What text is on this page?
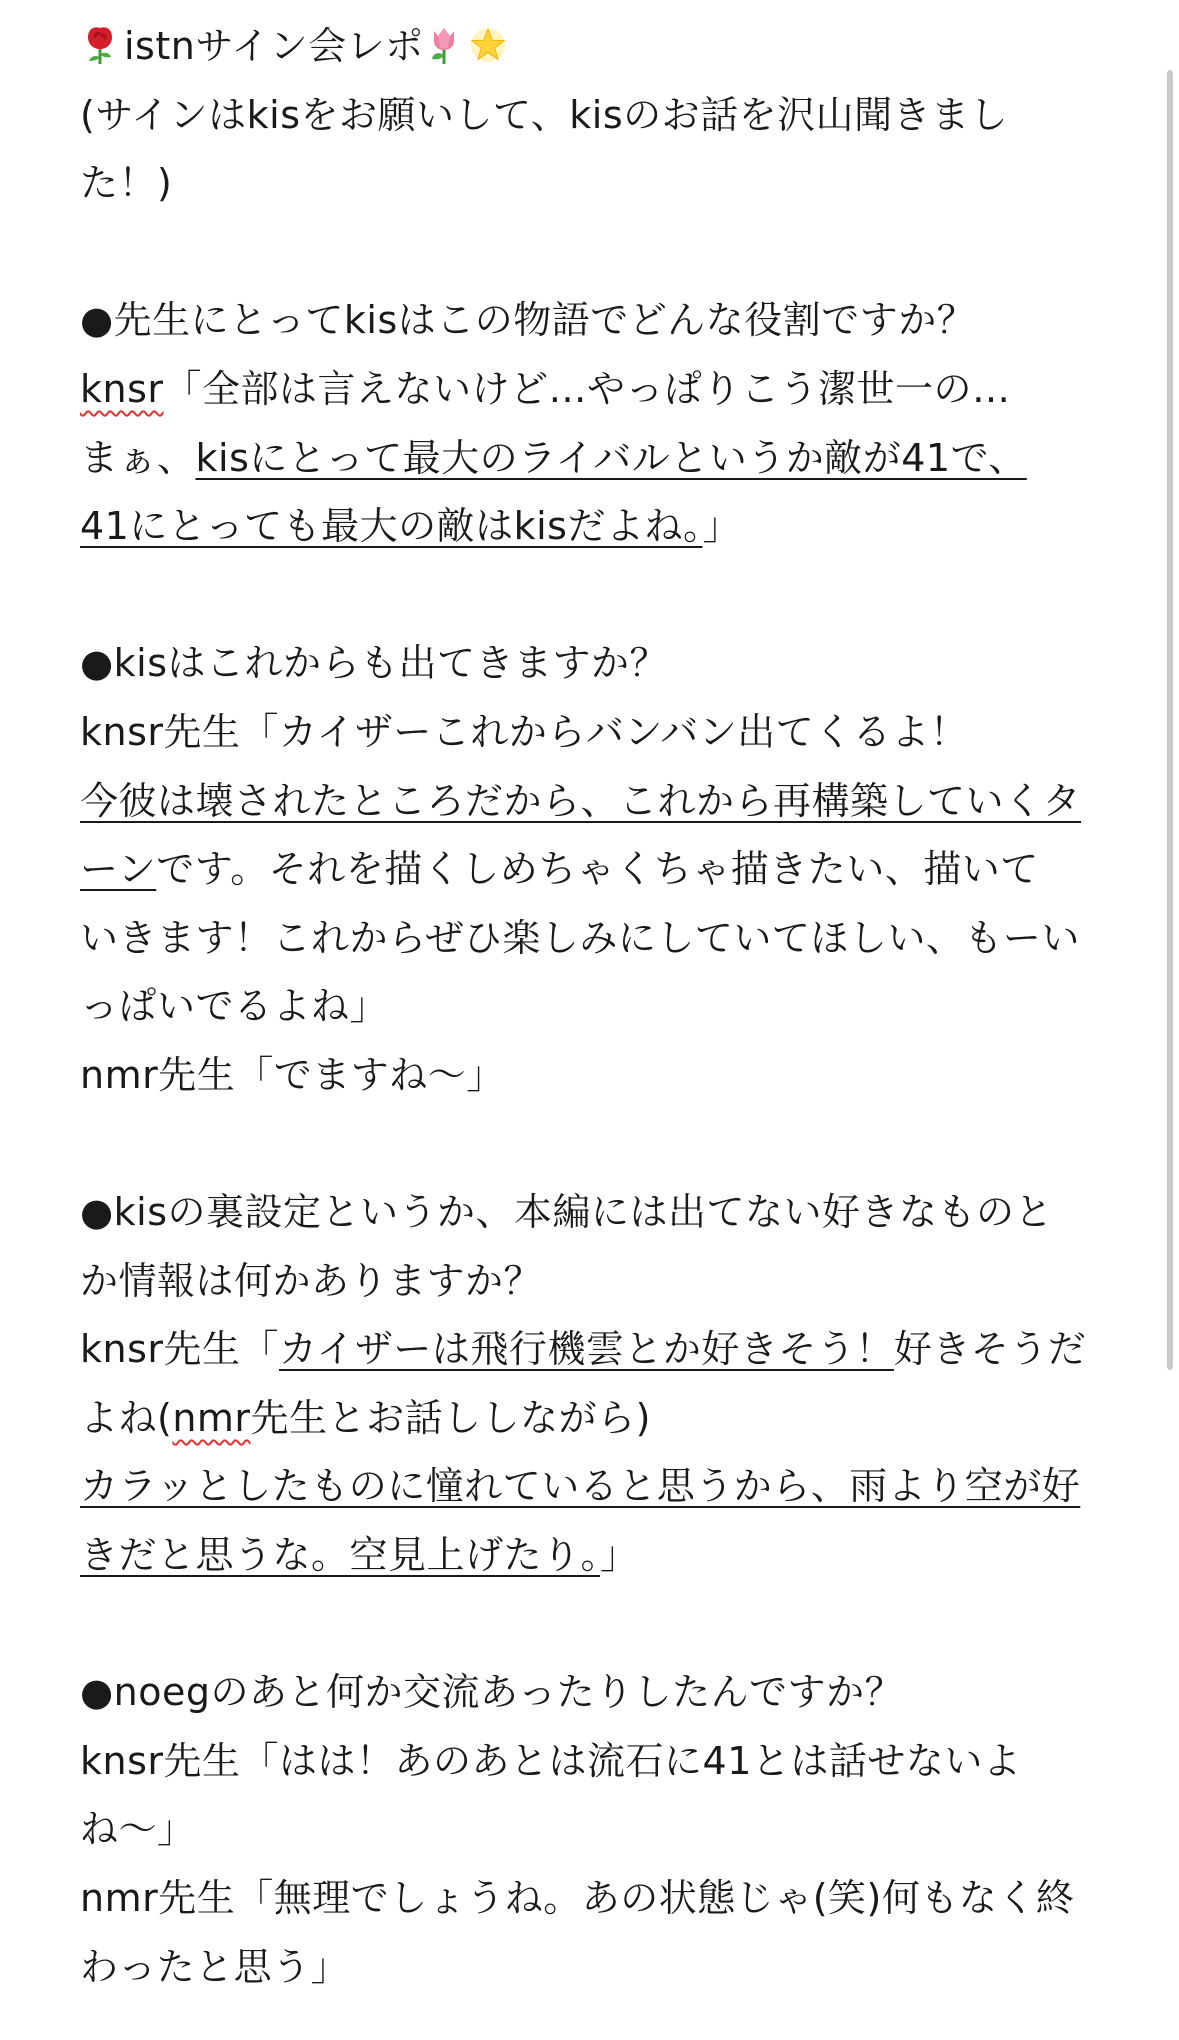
istnサイン会レポ
(サインはkisをお願いして、kisのお話を沢山聞きまし
た！)
●先生にとってkisはこの物語でどんな役割ですか？
knsr「全部は言えないけど…やっぱりこう潔世一の…
まぁ、kisにとって最大のライバルというか敵が41で、
41にとっても最大の敵はkisだよね。」
●kisはこれからも出てきますか？
knsr先生「カイザーこれからバンバン出てくるよ！
今彼は壊されたところだから、これから再構築していくタ
ーンです。それを描くしめちゃくちゃ描きたい、描いて
いきます！これからぜひ楽しみにしていてほしい、もーい
っぱいでるよね」
nmr先生「でますね〜」
●kisの裏設定というか、本編には出てない好きなものと
か情報は何かありますか？
knsr先生「カイザーは飛行機雲とか好きそう！好きそうだ
よね(nmr先生とお話ししながら)
カラッとしたものに憧れていると思うから、雨より空が好
きだと思うな。空見上げたり。」
●noegのあと何か交流あったりしたんですか？
knsr先生「はは！あのあとは流石に41とは話せないよ
ね〜」
nmr先生「無理でしょうね。あの状態じゃ(笑)何もなく終
わったと思う」
